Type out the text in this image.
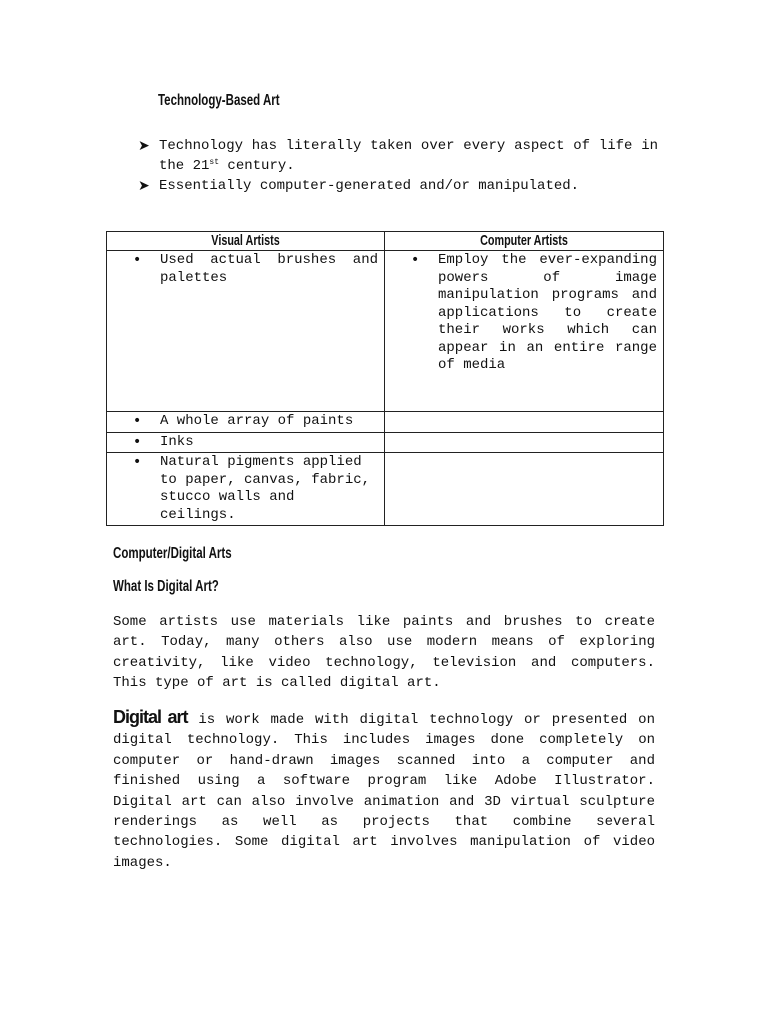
Technology-Based Art
➤ Technology has literally taken over every aspect of life in the 21st century.
➤ Essentially computer-generated and/or manipulated.
Visual Artists	Computer Artists

• Used actual brushes and palettes	• Employ the ever-expanding powers of image manipulation programs and applications to create their works which can appear in an entire range of media

• A whole array of paints	

• Inks	

• Natural pigments applied to paper, canvas, fabric, stucco walls and ceilings.	

Computer/Digital Arts
What Is Digital Art?
Some artists use materials like paints and brushes to create art. Today, many others also use modern means of exploring creativity, like video technology, television and computers. This type of art is called digital art.
Digital art is work made with digital technology or presented on digital technology. This includes images done completely on computer or hand-drawn images scanned into a computer and finished using a software program like Adobe Illustrator. Digital art can also involve animation and 3D virtual sculpture renderings as well as projects that combine several technologies. Some digital art involves manipulation of video images.
